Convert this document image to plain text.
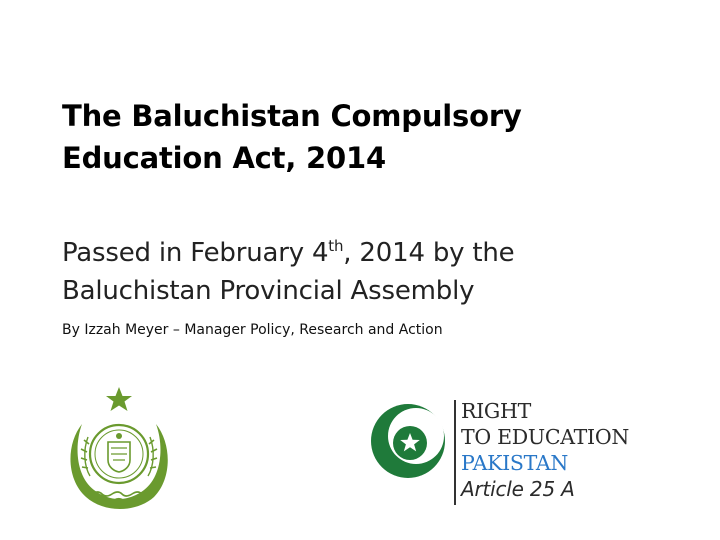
The Baluchistan Compulsory
Education Act, 2014
Passed in February 4th, 2014 by the
Baluchistan Provincial Assembly

By Izzah Meyer – Manager Policy, Research and Action

RIGHT
TO EDUCATION
PAKISTAN
Article 25 A
